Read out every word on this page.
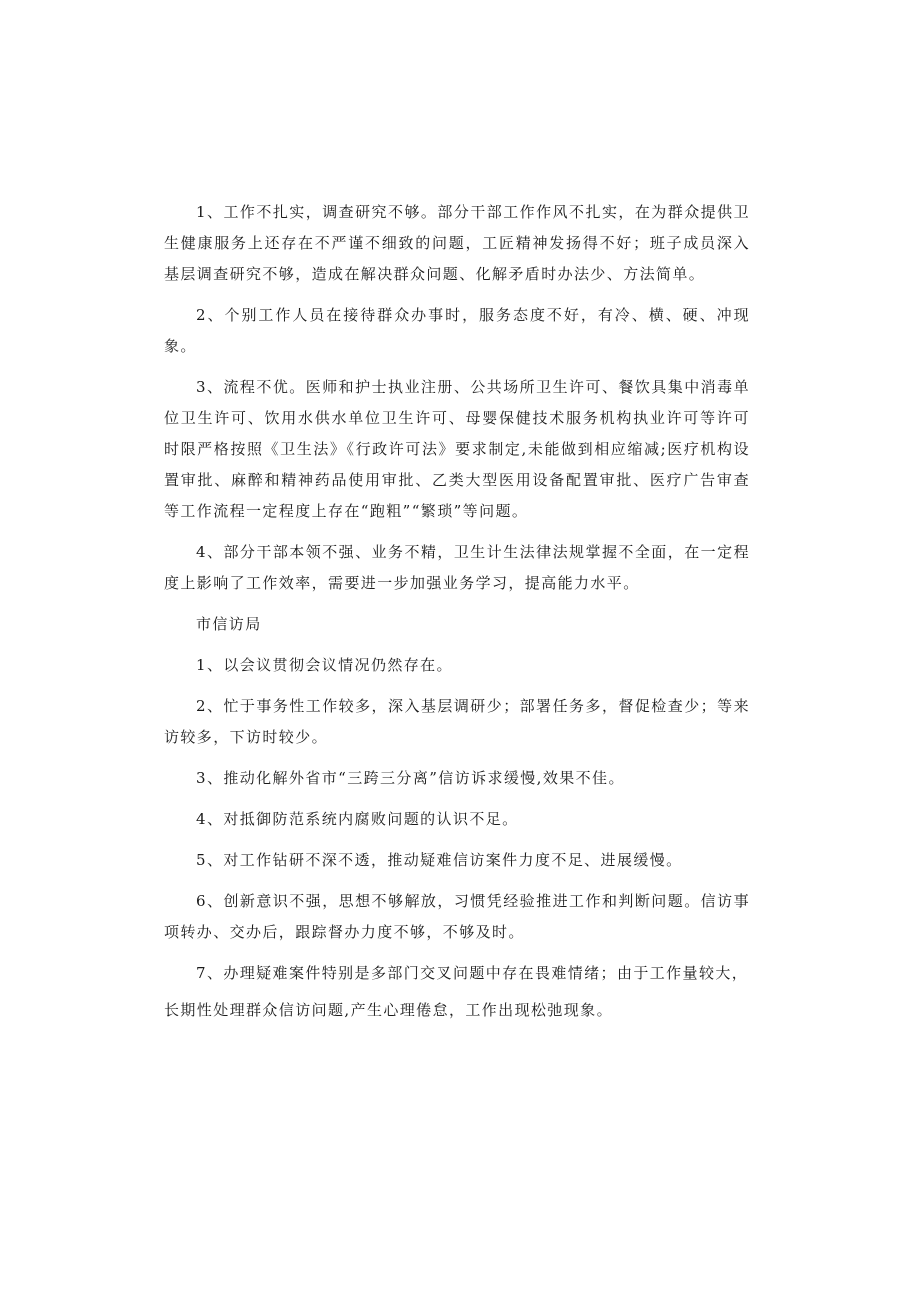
1、工作不扎实，调查研究不够。部分干部工作作风不扎实，在为群众提供卫生健康服务上还存在不严谨不细致的问题，工匠精神发扬得不好；班子成员深入基层调查研究不够，造成在解决群众问题、化解矛盾时办法少、方法简单。

2、个别工作人员在接待群众办事时，服务态度不好，有冷、横、硬、冲现象。

3、流程不优。医师和护士执业注册、公共场所卫生许可、餐饮具集中消毒单位卫生许可、饮用水供水单位卫生许可、母婴保健技术服务机构执业许可等许可时限严格按照《卫生法》《行政许可法》要求制定,未能做到相应缩减;医疗机构设置审批、麻醉和精神药品使用审批、乙类大型医用设备配置审批、医疗广告审查等工作流程一定程度上存在“跑粗”“繁琐”等问题。

4、部分干部本领不强、业务不精，卫生计生法律法规掌握不全面，在一定程度上影响了工作效率，需要进一步加强业务学习，提高能力水平。

市信访局

1、以会议贯彻会议情况仍然存在。

2、忙于事务性工作较多，深入基层调研少；部署任务多，督促检查少；等来访较多，下访时较少。

3、推动化解外省市“三跨三分离”信访诉求缓慢,效果不佳。

4、对抵御防范系统内腐败问题的认识不足。

5、对工作钻研不深不透，推动疑难信访案件力度不足、进展缓慢。

6、创新意识不强，思想不够解放，习惯凭经验推进工作和判断问题。信访事项转办、交办后，跟踪督办力度不够，不够及时。

7、办理疑难案件特别是多部门交叉问题中存在畏难情绪；由于工作量较大，

长期性处理群众信访问题,产生心理倦怠，工作出现松弛现象。
